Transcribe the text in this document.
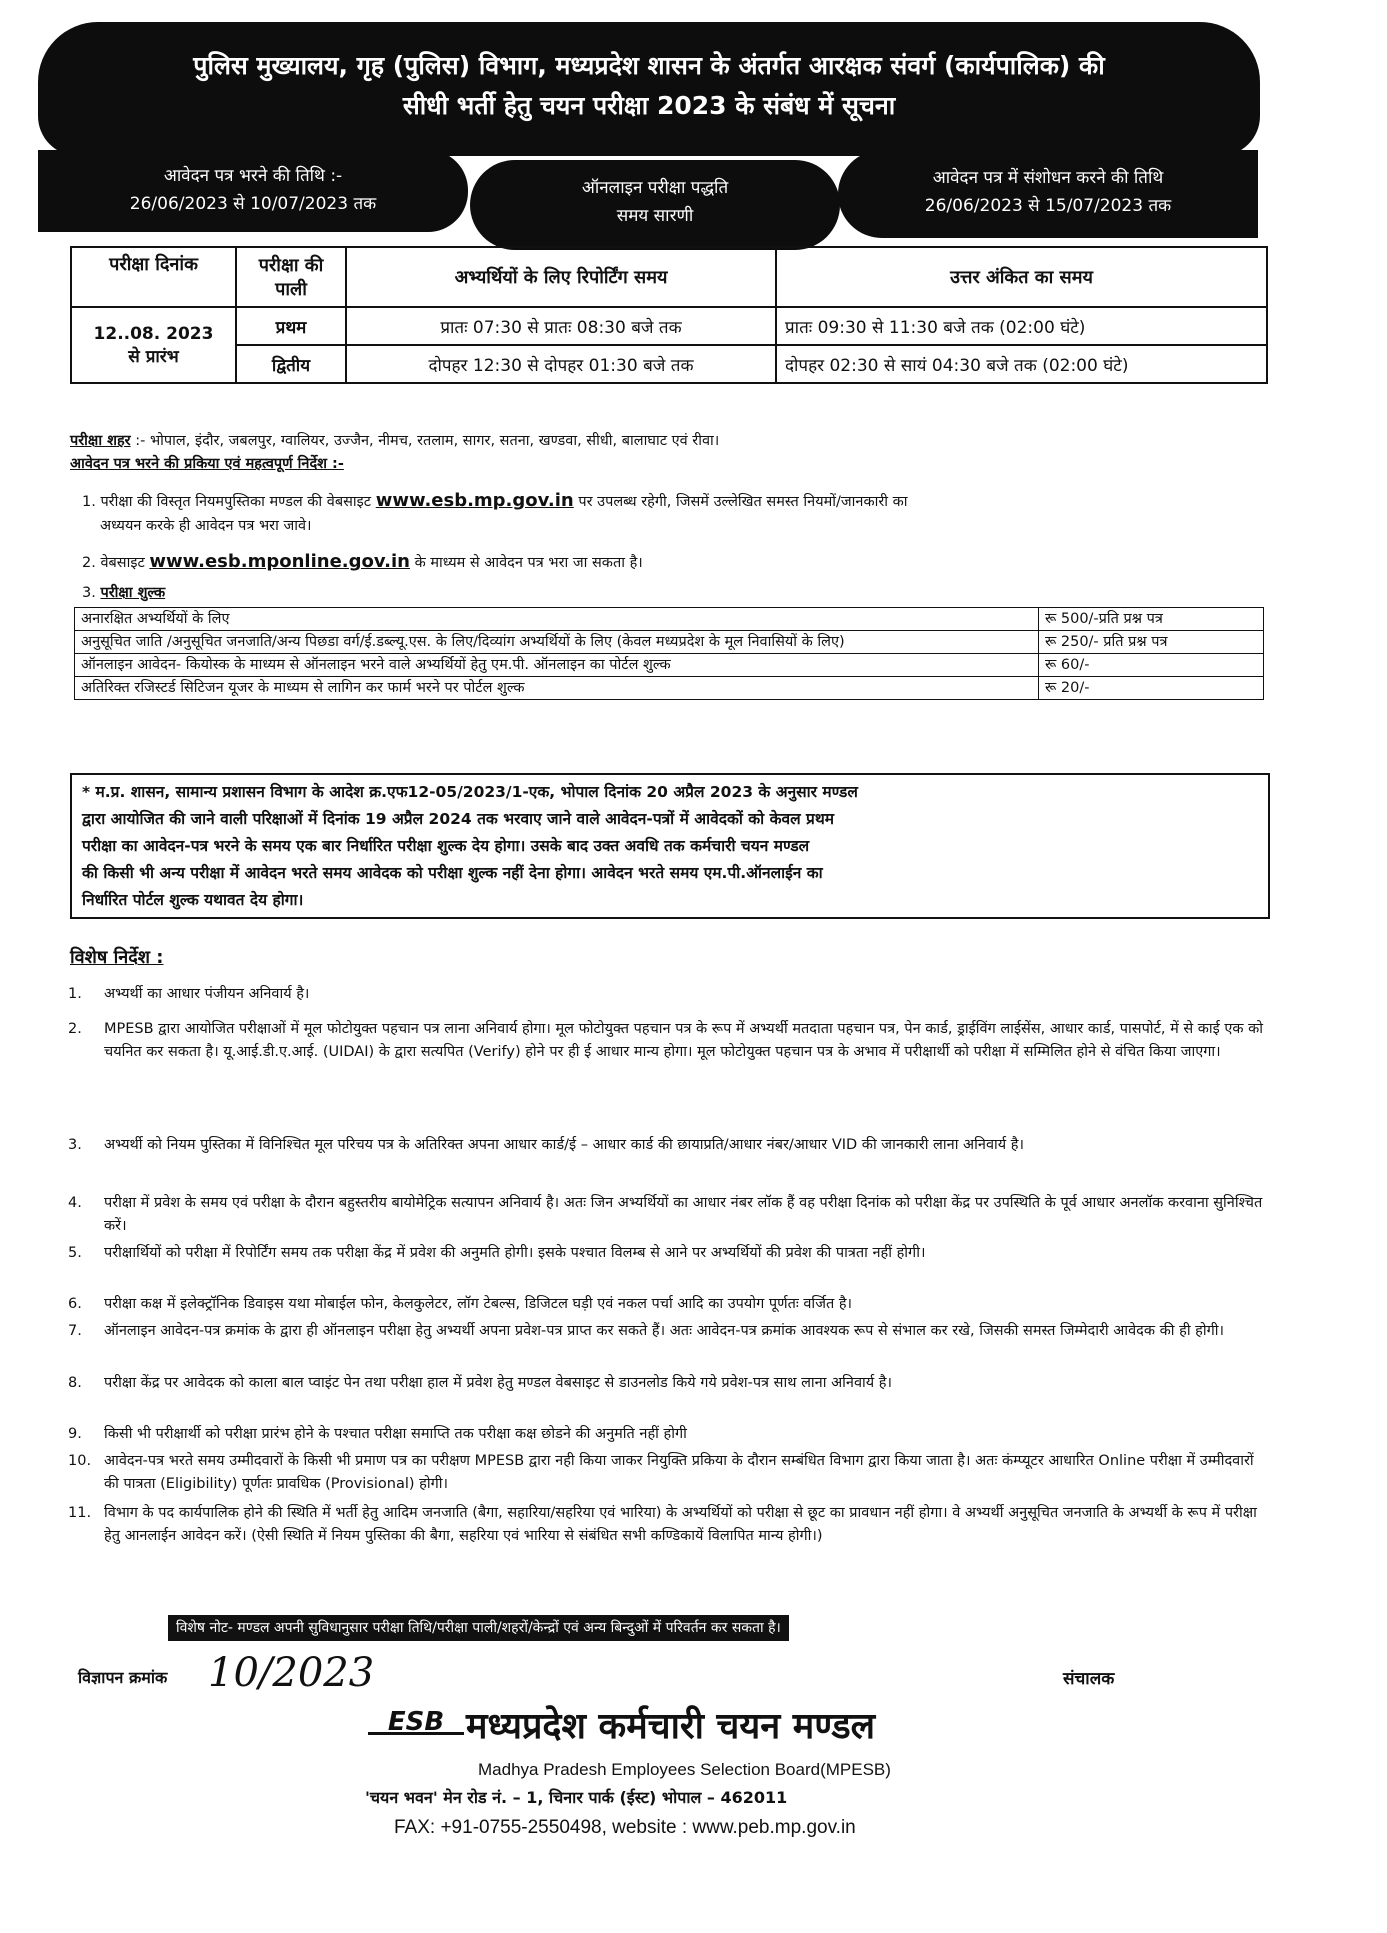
पुलिस मुख्यालय, गृह (पुलिस) विभाग, मध्यप्रदेश शासन के अंतर्गत आरक्षक संवर्ग (कार्यपालिक) की
सीधी भर्ती हेतु चयन परीक्षा 2023 के संबंध में सूचना
आवेदन पत्र भरने की तिथि :-
26/06/2023 से 10/07/2023 तक
ऑनलाइन परीक्षा पद्धति
समय सारणी
आवेदन पत्र में संशोधन करने की तिथि
26/06/2023 से 15/07/2023 तक
परीक्षा दिनांक	परीक्षा की पाली	अभ्यर्थियों के लिए रिपोर्टिंग समय	उत्तर अंकित का समय

12..08. 2023
से प्रारंभ	प्रथम	प्रातः 07:30 से प्रातः 08:30 बजे तक	प्रातः 09:30 से 11:30 बजे तक (02:00 घंटे)
	द्वितीय	दोपहर 12:30 से दोपहर 01:30 बजे तक	दोपहर 02:30 से सायं 04:30 बजे तक (02:00 घंटे)
परीक्षा शहर :- भोपाल, इंदौर, जबलपुर, ग्वालियर, उज्जैन, नीमच, रतलाम, सागर, सतना, खण्डवा, सीधी, बालाघाट एवं रीवा।
आवेदन पत्र भरने की प्रकिया एवं महत्वपूर्ण निर्देश :-
1. परीक्षा की विस्तृत नियमपुस्तिका मण्डल की वेबसाइट www.esb.mp.gov.in पर उपलब्ध रहेगी, जिसमें उल्लेखित समस्त नियमों/जानकारी का
अध्ययन करके ही आवेदन पत्र भरा जावे।
2. वेबसाइट www.esb.mponline.gov.in के माध्यम से आवेदन पत्र भरा जा सकता है।
3. परीक्षा शुल्क
अनारक्षित अभ्यर्थियों के लिए	रू 500/-प्रति प्रश्न पत्र
अनुसूचित जाति /अनुसूचित जनजाति/अन्य पिछडा वर्ग/ई.डब्ल्यू.एस. के लिए/दिव्यांग अभ्यर्थियों के लिए (केवल मध्यप्रदेश के मूल निवासियों के लिए)	रू 250/- प्रति प्रश्न पत्र
ऑनलाइन आवेदन- कियोस्क के माध्यम से ऑनलाइन भरने वाले अभ्यर्थियों हेतु एम.पी. ऑनलाइन का पोर्टल शुल्क	रू 60/-
अतिरिक्त रजिस्टर्ड सिटिजन यूजर के माध्यम से लागिन कर फार्म भरने पर पोर्टल शुल्क	रू 20/-
* म.प्र. शासन, सामान्य प्रशासन विभाग के आदेश क्र.एफ12-05/2023/1-एक, भोपाल दिनांक 20 अप्रैल 2023 के अनुसार मण्डल
द्वारा आयोजित की जाने वाली परिक्षाओं में दिनांक 19 अप्रैल 2024 तक भरवाए जाने वाले आवेदन-पत्रों में आवेदकों को केवल प्रथम
परीक्षा का आवेदन-पत्र भरने के समय एक बार निर्धारित परीक्षा शुल्क देय होगा। उसके बाद उक्त अवधि तक कर्मचारी चयन मण्डल
की किसी भी अन्य परीक्षा में आवेदन भरते समय आवेदक को परीक्षा शुल्क नहीं देना होगा। आवेदन भरते समय एम.पी.ऑनलाईन का
निर्धारित पोर्टल शुल्क यथावत देय होगा।
विशेष निर्देश :
1.	अभ्यर्थी का आधार पंजीयन अनिवार्य है।
2.	MPESB द्वारा आयोजित परीक्षाओं में मूल फोटोयुक्त पहचान पत्र लाना अनिवार्य होगा। मूल फोटोयुक्त पहचान पत्र के रूप में अभ्यर्थी मतदाता पहचान पत्र, पेन कार्ड, ड्राईविंग लाईसेंस, आधार कार्ड, पासपोर्ट, में से काई एक को चयनित कर सकता है। यू.आई.डी.ए.आई. (UIDAI) के द्वारा सत्यपित (Verify) होने पर ही ई आधार मान्य होगा। मूल फोटोयुक्त पहचान पत्र के अभाव में परीक्षार्थी को परीक्षा में सम्मिलित होने से वंचित किया जाएगा।
3.	अभ्यर्थी को नियम पुस्तिका में विनिश्चित मूल परिचय पत्र के अतिरिक्त अपना आधार कार्ड/ई – आधार कार्ड की छायाप्रति/आधार नंबर/आधार VID की जानकारी लाना अनिवार्य है।
4.	परीक्षा में प्रवेश के समय एवं परीक्षा के दौरान बहुस्तरीय बायोमेट्रिक सत्यापन अनिवार्य है। अतः जिन अभ्यर्थियों का आधार नंबर लॉक हैं वह परीक्षा दिनांक को परीक्षा केंद्र पर उपस्थिति के पूर्व आधार अनलॉक करवाना सुनिश्चित करें।
5.	परीक्षार्थियों को परीक्षा में रिपोर्टिंग समय तक परीक्षा केंद्र में प्रवेश की अनुमति होगी। इसके पश्चात विलम्ब से आने पर अभ्यर्थियों की प्रवेश की पात्रता नहीं होगी।
6.	परीक्षा कक्ष में इलेक्ट्रॉनिक डिवाइस यथा मोबाईल फोन, केलकुलेटर, लॉग टेबल्स, डिजिटल घड़ी एवं नकल पर्चा आदि का उपयोग पूर्णतः वर्जित है।
7.	ऑनलाइन आवेदन-पत्र क्रमांक के द्वारा ही ऑनलाइन परीक्षा हेतु अभ्यर्थी अपना प्रवेश-पत्र प्राप्त कर सकते हैं। अतः आवेदन-पत्र क्रमांक आवश्यक रूप से संभाल कर रखे, जिसकी समस्त जिम्मेदारी आवेदक की ही होगी।
8.	परीक्षा केंद्र पर आवेदक को काला बाल प्वाइंट पेन तथा परीक्षा हाल में प्रवेश हेतु मण्डल वेबसाइट से डाउनलोड किये गये प्रवेश-पत्र साथ लाना अनिवार्य है।
9.	किसी भी परीक्षार्थी को परीक्षा प्रारंभ होने के पश्चात परीक्षा समाप्ति तक परीक्षा कक्ष छोडने की अनुमति नहीं होगी
10. आवेदन-पत्र भरते समय उम्मीदवारों के किसी भी प्रमाण पत्र का परीक्षण MPESB द्वारा नही किया जाकर नियुक्ति प्रकिया के दौरान सम्बंधित विभाग द्वारा किया जाता है। अतः कंम्प्यूटर आधारित Online परीक्षा में उम्मीदवारों की पात्रता (Eligibility) पूर्णतः प्रावधिक (Provisional) होगी।
11. विभाग के पद कार्यपालिक होने की स्थिति में भर्ती हेतु आदिम जनजाति (बैगा, सहारिया/सहरिया एवं भारिया) के अभ्यर्थियों को परीक्षा से छूट का प्रावधान नहीं होगा। वे अभ्यर्थी अनुसूचित जनजाति के अभ्यर्थी के रूप में परीक्षा हेतु आनलाईन आवेदन करें। (ऐसी स्थिति में नियम पुस्तिका की बैगा, सहरिया एवं भारिया से संबंधित सभी कण्डिकायें विलापित मान्य होगी।)
विशेष नोट- मण्डल अपनी सुविधानुसार परीक्षा तिथि/परीक्षा पाली/शहरों/केन्द्रों एवं अन्य बिन्दुओं में परिवर्तन कर सकता है।
विज्ञापन क्रमांक 10/2023	संचालक
ESB मध्यप्रदेश कर्मचारी चयन मण्डल
Madhya Pradesh Employees Selection Board(MPESB)
'चयन भवन' मेन रोड नं. – 1, चिनार पार्क (ईस्ट) भोपाल – 462011
FAX: +91-0755-2550498, website : www.peb.mp.gov.in
